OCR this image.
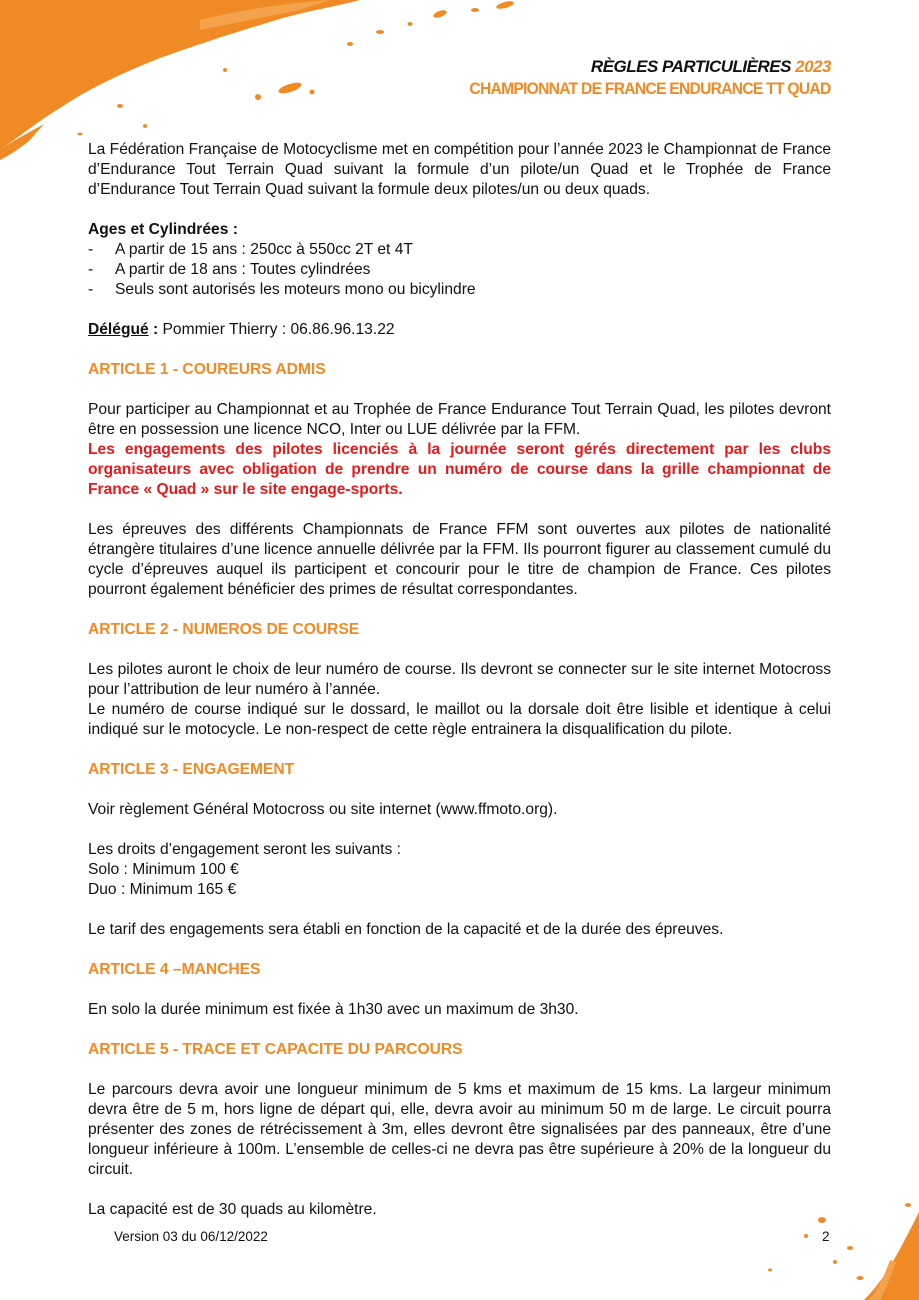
RÈGLES PARTICULIÈRES 2023
CHAMPIONNAT DE FRANCE ENDURANCE TT QUAD

La Fédération Française de Motocyclisme met en compétition pour l’année 2023 le Championnat de France d’Endurance Tout Terrain Quad suivant la formule d’un pilote/un Quad et le Trophée de France d’Endurance Tout Terrain Quad suivant la formule deux pilotes/un ou deux quads.

Ages et Cylindrées :

- A partir de 15 ans : 250cc à 550cc 2T et 4T
- A partir de 18 ans : Toutes cylindrées
- Seuls sont autorisés les moteurs mono ou bicylindre

Délégué : Pommier Thierry : 06.86.96.13.22

ARTICLE 1 - COUREURS ADMIS

Pour participer au Championnat et au Trophée de France Endurance Tout Terrain Quad, les pilotes devront être en possession une licence NCO, Inter ou LUE délivrée par la FFM.

Les engagements des pilotes licenciés à la journée seront gérés directement par les clubs organisateurs avec obligation de prendre un numéro de course dans la grille championnat de France « Quad » sur le site engage-sports.

Les épreuves des différents Championnats de France FFM sont ouvertes aux pilotes de nationalité étrangère titulaires d’une licence annuelle délivrée par la FFM. Ils pourront figurer au classement cumulé du cycle d’épreuves auquel ils participent et concourir pour le titre de champion de France. Ces pilotes pourront également bénéficier des primes de résultat correspondantes.

ARTICLE 2 - NUMEROS DE COURSE

Les pilotes auront le choix de leur numéro de course. Ils devront se connecter sur le site internet Motocross pour l’attribution de leur numéro à l’année.

Le numéro de course indiqué sur le dossard, le maillot ou la dorsale doit être lisible et identique à celui indiqué sur le motocycle. Le non-respect de cette règle entrainera la disqualification du pilote.

ARTICLE 3 - ENGAGEMENT

Voir règlement Général Motocross ou site internet (www.ffmoto.org).

Les droits d’engagement seront les suivants :

Solo : Minimum 100 €

Duo : Minimum 165 €

Le tarif des engagements sera établi en fonction de la capacité et de la durée des épreuves.

ARTICLE 4 –MANCHES

En solo la durée minimum est fixée à 1h30 avec un maximum de 3h30.

ARTICLE 5 - TRACE ET CAPACITE DU PARCOURS

Le parcours devra avoir une longueur minimum de 5 kms et maximum de 15 kms. La largeur minimum devra être de 5 m, hors ligne de départ qui, elle, devra avoir au minimum 50 m de large. Le circuit pourra présenter des zones de rétrécissement à 3m, elles devront être signalisées par des panneaux, être d’une longueur inférieure à 100m. L’ensemble de celles-ci ne devra pas être supérieure à 20% de la longueur du circuit.

La capacité est de 30 quads au kilomètre.

Version 03 du 06/12/2022	2
